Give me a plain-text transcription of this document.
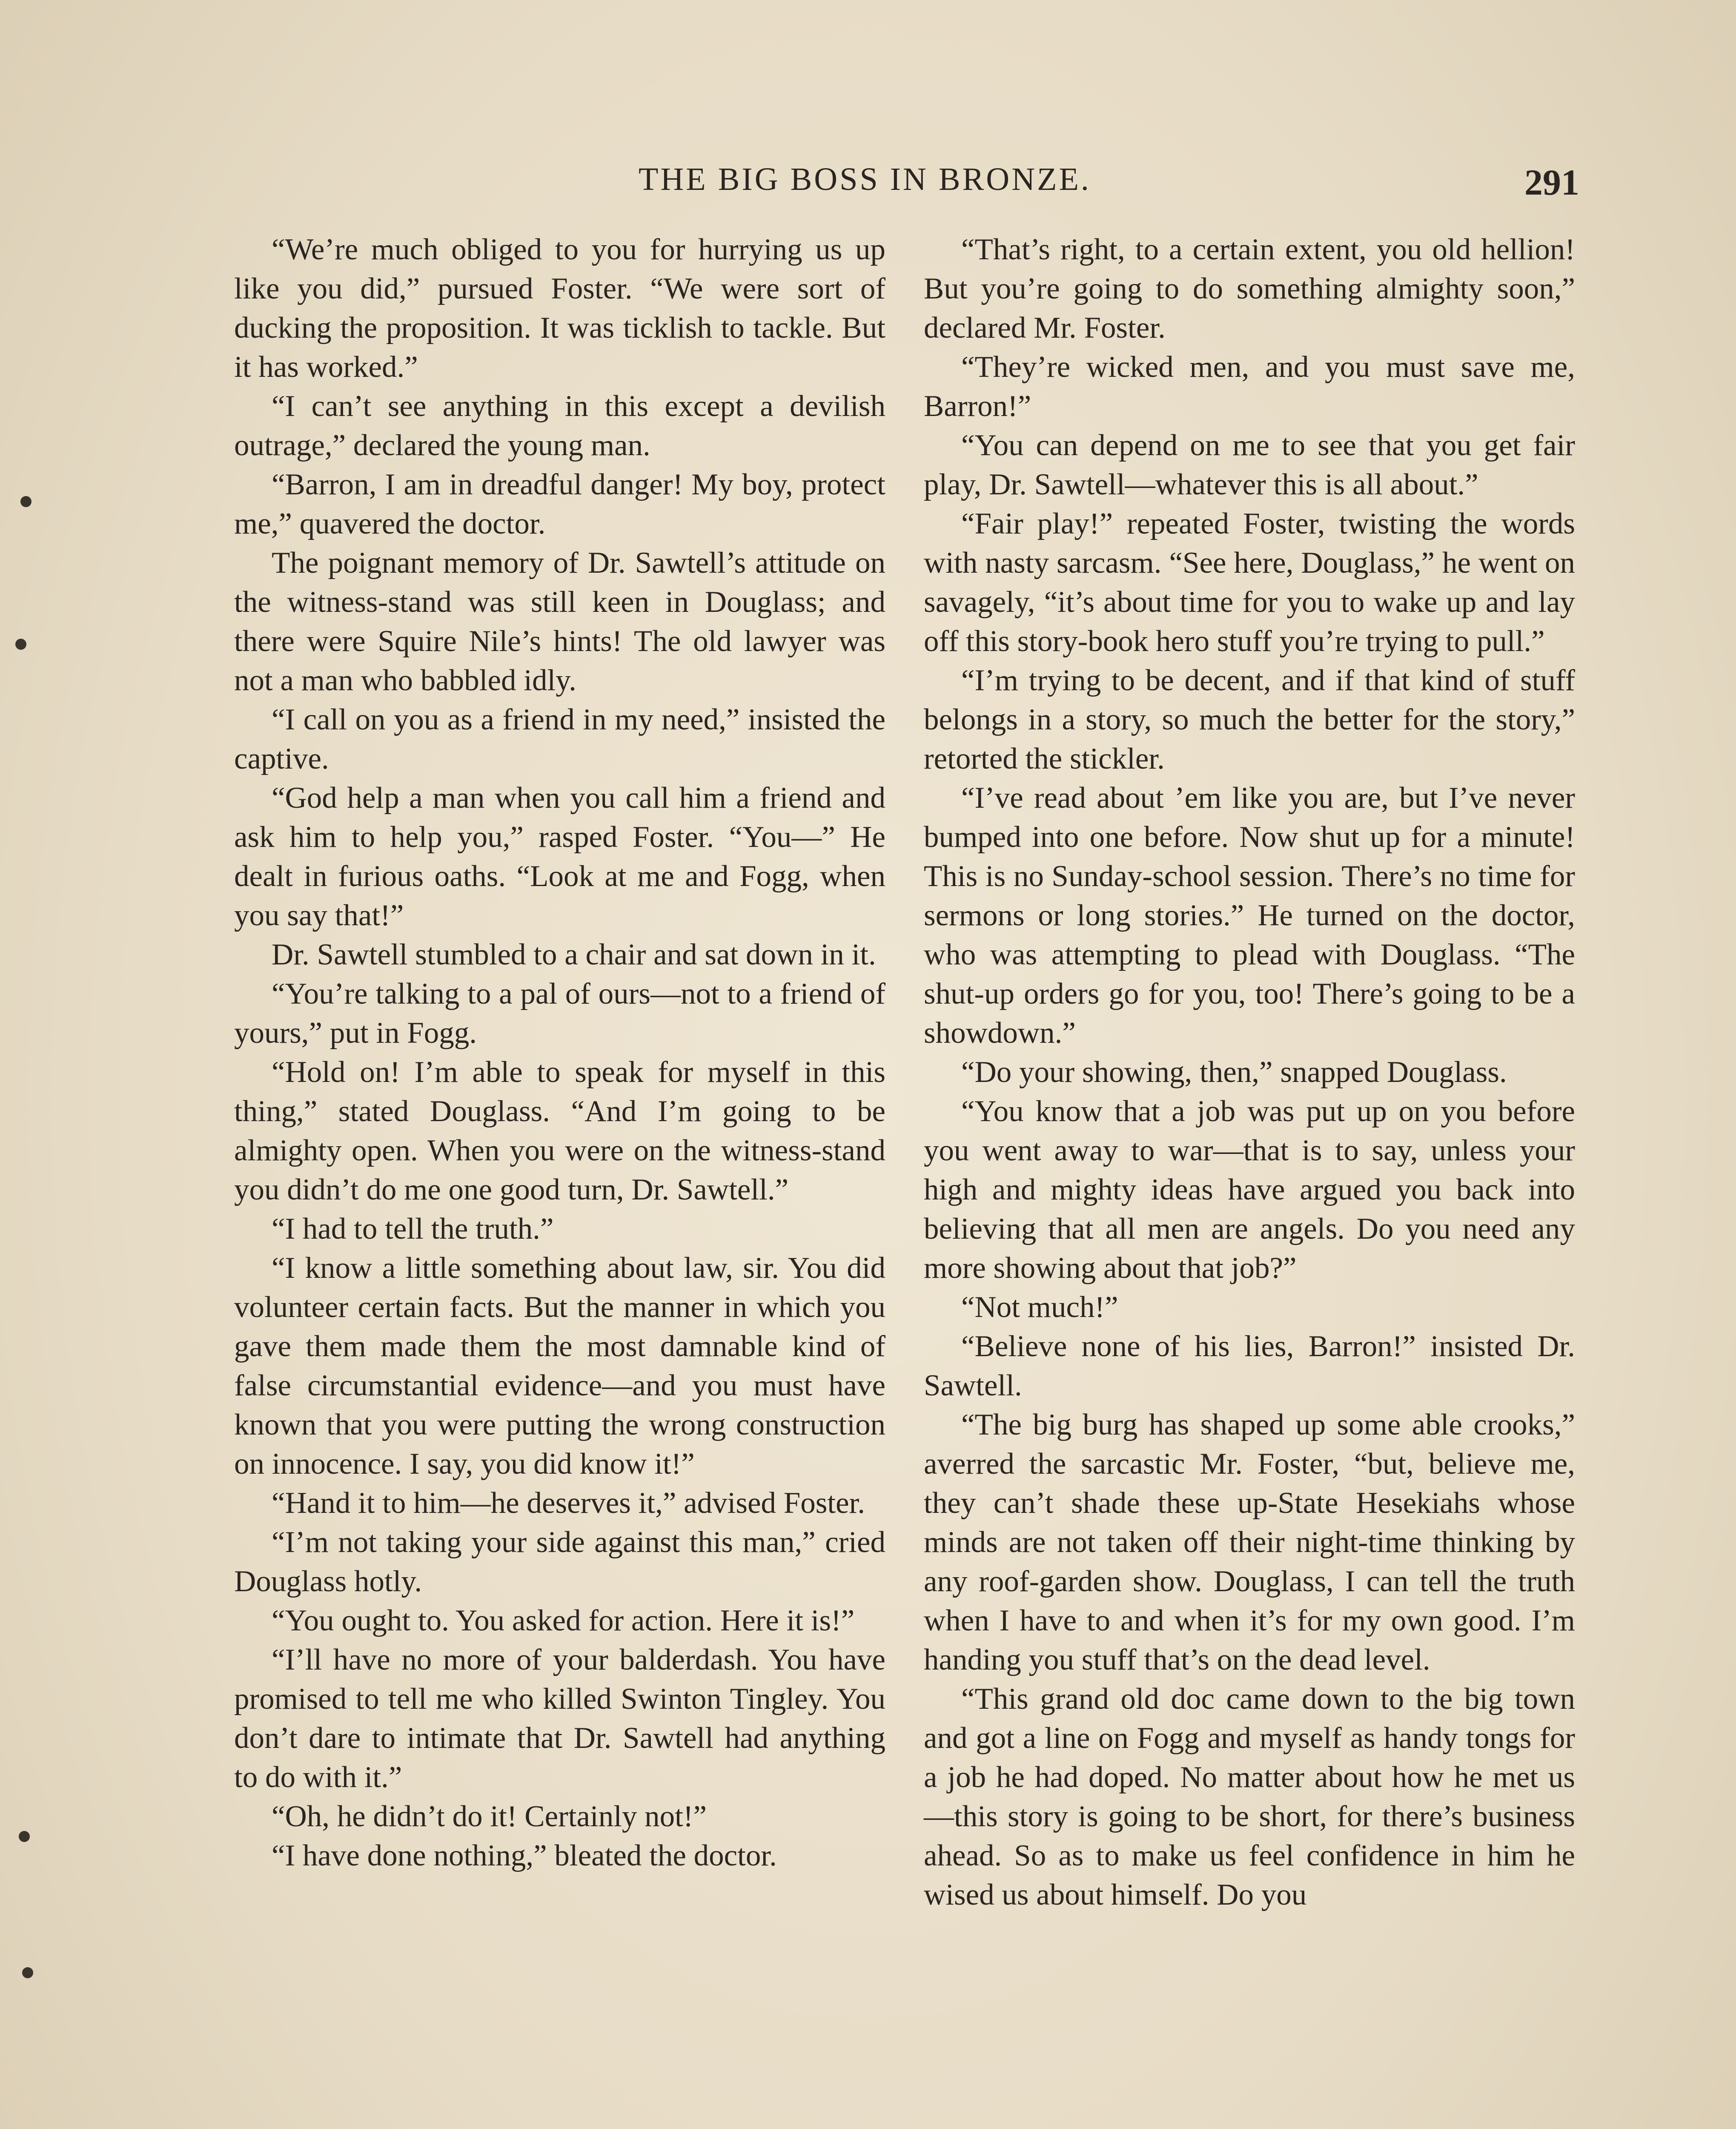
THE BIG BOSS IN BRONZE.	291

“We’re much obliged to you for hurrying us up like you did,” pursued Foster. “We were sort of ducking the proposition. It was ticklish to tackle. But it has worked.”

“I can’t see anything in this except a devilish outrage,” declared the young man.

“Barron, I am in dreadful danger! My boy, protect me,” quavered the doctor.

The poignant memory of Dr. Sawtell’s attitude on the witness-stand was still keen in Douglass; and there were Squire Nile’s hints! The old lawyer was not a man who babbled idly.

“I call on you as a friend in my need,” insisted the captive.

“God help a man when you call him a friend and ask him to help you,” rasped Foster. “You—” He dealt in furious oaths. “Look at me and Fogg, when you say that!”

Dr. Sawtell stumbled to a chair and sat down in it.

“You’re talking to a pal of ours—not to a friend of yours,” put in Fogg.

“Hold on! I’m able to speak for myself in this thing,” stated Douglass. “And I’m going to be almighty open. When you were on the witness-stand you didn’t do me one good turn, Dr. Sawtell.”

“I had to tell the truth.”

“I know a little something about law, sir. You did volunteer certain facts. But the manner in which you gave them made them the most damnable kind of false circumstantial evidence—and you must have known that you were putting the wrong construction on innocence. I say, you did know it!”

“Hand it to him—he deserves it,” advised Foster.

“I’m not taking your side against this man,” cried Douglass hotly.

“You ought to. You asked for action. Here it is!”

“I’ll have no more of your balderdash. You have promised to tell me who killed Swinton Tingley. You don’t dare to intimate that Dr. Sawtell had anything to do with it.”

“Oh, he didn’t do it! Certainly not!”

“I have done nothing,” bleated the doctor.

“That’s right, to a certain extent, you old hellion! But you’re going to do something almighty soon,” declared Mr. Foster.

“They’re wicked men, and you must save me, Barron!”

“You can depend on me to see that you get fair play, Dr. Sawtell—whatever this is all about.”

“Fair play!” repeated Foster, twisting the words with nasty sarcasm. “See here, Douglass,” he went on savagely, “it’s about time for you to wake up and lay off this story-book hero stuff you’re trying to pull.”

“I’m trying to be decent, and if that kind of stuff belongs in a story, so much the better for the story,” retorted the stickler.

“I’ve read about ’em like you are, but I’ve never bumped into one before. Now shut up for a minute! This is no Sunday-school session. There’s no time for sermons or long stories.” He turned on the doctor, who was attempting to plead with Douglass. “The shut-up orders go for you, too! There’s going to be a showdown.”

“Do your showing, then,” snapped Douglass.

“You know that a job was put up on you before you went away to war—that is to say, unless your high and mighty ideas have argued you back into believing that all men are angels. Do you need any more showing about that job?”

“Not much!”

“Believe none of his lies, Barron!” insisted Dr. Sawtell.

“The big burg has shaped up some able crooks,” averred the sarcastic Mr. Foster, “but, believe me, they can’t shade these up-State Hesekiahs whose minds are not taken off their night-time thinking by any roof-garden show. Douglass, I can tell the truth when I have to and when it’s for my own good. I’m handing you stuff that’s on the dead level.

“This grand old doc came down to the big town and got a line on Fogg and myself as handy tongs for a job he had doped. No matter about how he met us—this story is going to be short, for there’s business ahead. So as to make us feel confidence in him he wised us about himself. Do you
